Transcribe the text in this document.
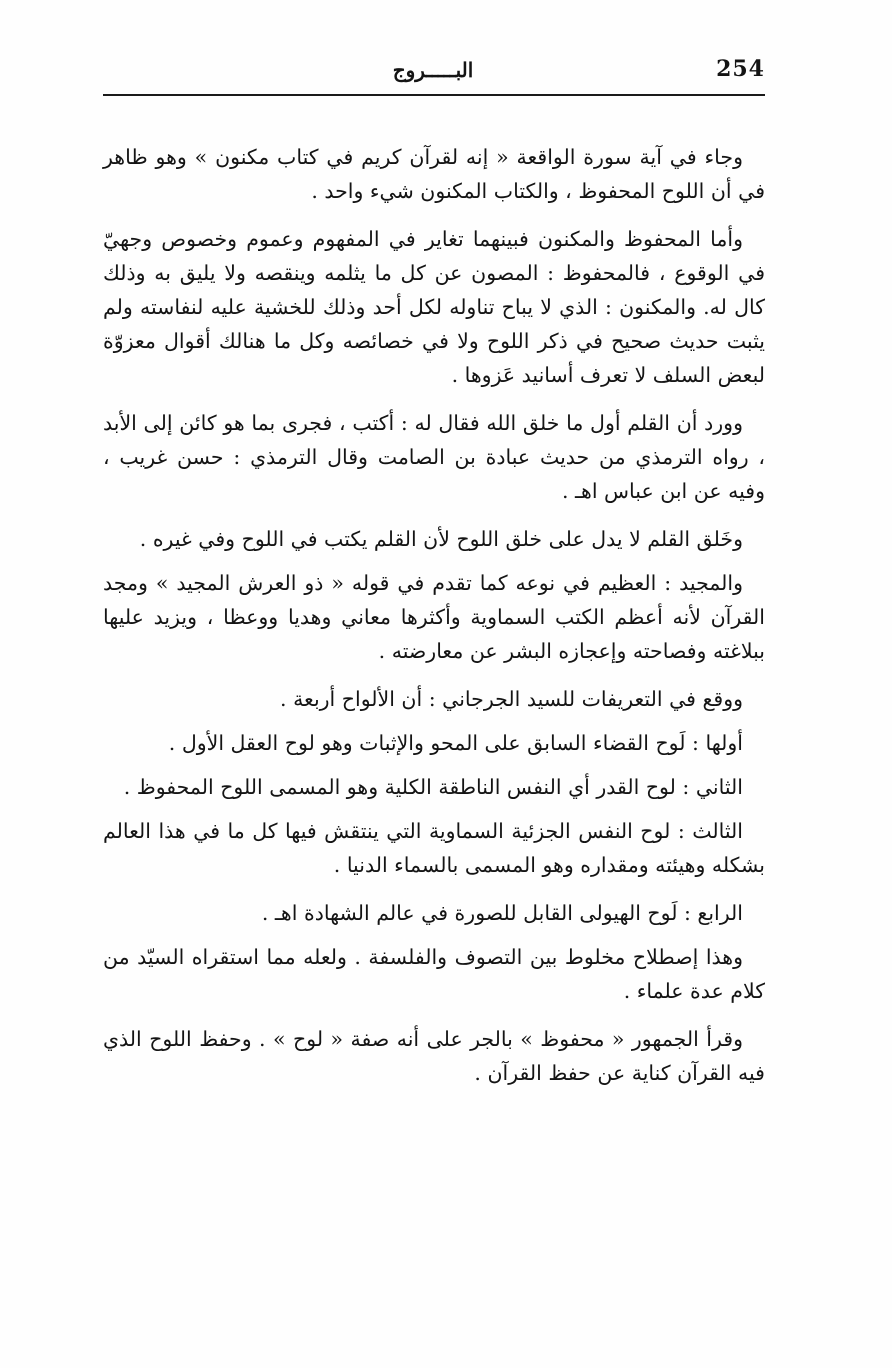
254
البـــــروج

وجاء في آية سورة الواقعة « إنه لقرآن كريم في كتاب مكنون » وهو ظاهر في أن اللوح المحفوظ ، والكتاب المكنون شيء واحد .

وأما المحفوظ والمكنون فبينهما تغاير في المفهوم وعموم وخصوص وجهيّ في الوقوع ، فالمحفوظ : المصون عن كل ما يثلمه وينقصه ولا يليق به وذلك كال له. والمكنون : الذي لا يباح تناوله لكل أحد وذلك للخشية عليه لنفاسته ولم يثبت حديث صحيح في ذكر اللوح ولا في خصائصه وكل ما هنالك أقوال معزوّة لبعض السلف لا تعرف أسانيد عَزوها .

وورد أن القلم أول ما خلق الله فقال له : أكتب ، فجرى بما هو كائن إلى الأبد ، رواه الترمذي من حديث عبادة بن الصامت وقال الترمذي : حسن غريب ، وفيه عن ابن عباس اهـ .

وخَلق القلم لا يدل على خلق اللوح لأن القلم يكتب في اللوح وفي غيره .

والمجيد : العظيم في نوعه كما تقدم في قوله « ذو العرش المجيد » ومجد القرآن لأنه أعظم الكتب السماوية وأكثرها معاني وهديا ووعظا ، ويزيد عليها ببلاغته وفصاحته وإعجازه البشر عن معارضته .

ووقع في التعريفات للسيد الجرجاني : أن الألواح أربعة .

أولها : لَوح القضاء السابق على المحو والإثبات وهو لوح العقل الأول .

الثاني : لوح القدر أي النفس الناطقة الكلية وهو المسمى اللوح المحفوظ .

الثالث : لوح النفس الجزئية السماوية التي ينتقش فيها كل ما في هذا العالم بشكله وهيئته ومقداره وهو المسمى بالسماء الدنيا .

الرابع : لَوح الهيولى القابل للصورة في عالم الشهادة اهـ .

وهذا إصطلاح مخلوط بين التصوف والفلسفة . ولعله مما استقراه السيّد من كلام عدة علماء .

وقرأ الجمهور « محفوظ » بالجر على أنه صفة « لوح » . وحفظ اللوح الذي فيه القرآن كناية عن حفظ القرآن .
